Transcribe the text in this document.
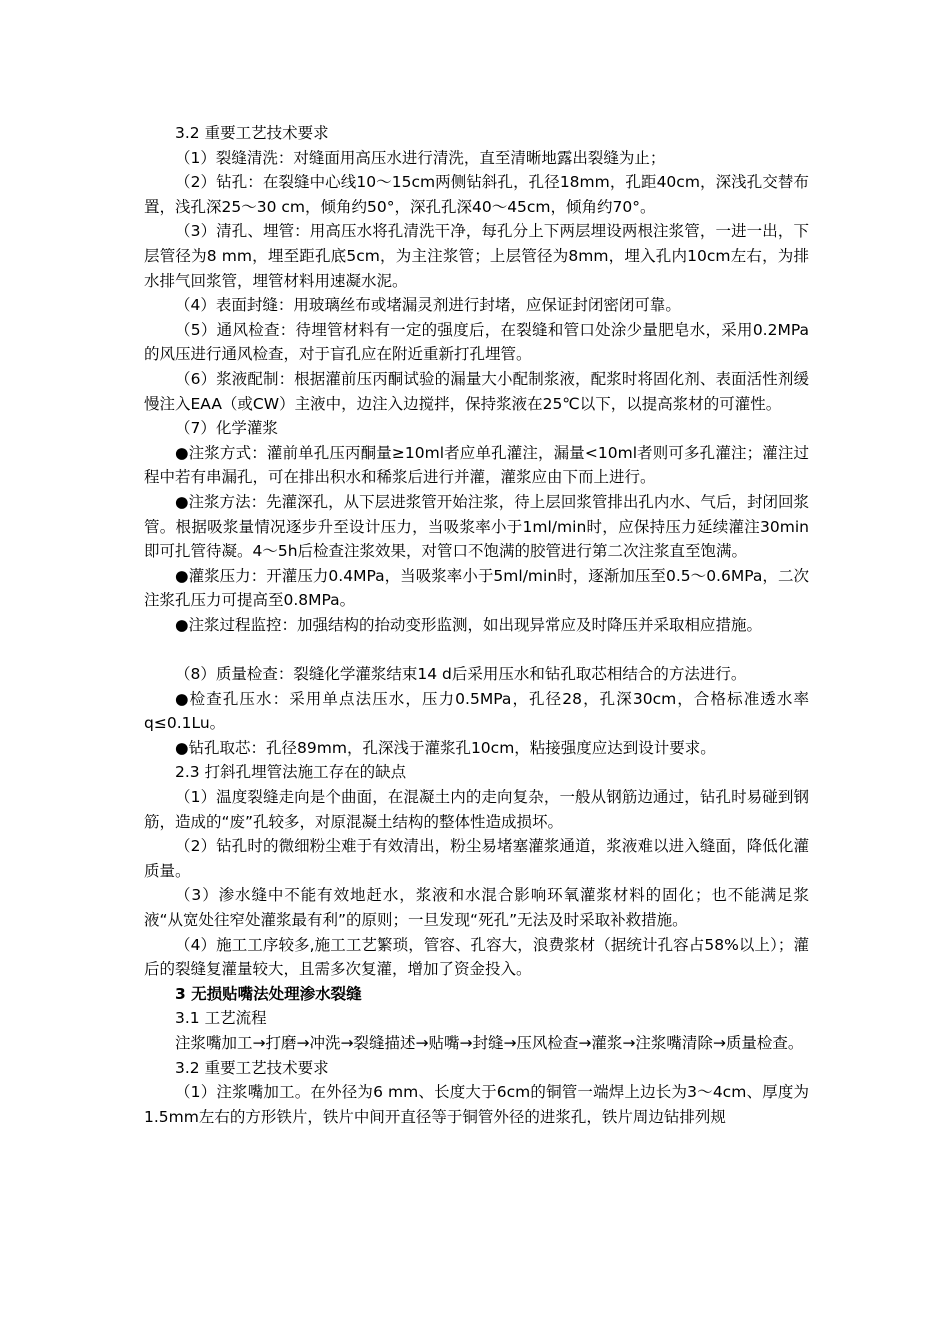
3.2 重要工艺技术要求

（1）裂缝清洗：对缝面用高压水进行清洗，直至清晰地露出裂缝为止；

（2）钻孔：在裂缝中心线10～15cm两侧钻斜孔，孔径18mm，孔距40cm，深浅孔交替布置，浅孔深25～30 cm，倾角约50°，深孔孔深40～45cm，倾角约70°。

（3）清孔、埋管：用高压水将孔清洗干净，每孔分上下两层埋设两根注浆管，一进一出，下层管径为8 mm，埋至距孔底5cm，为主注浆管；上层管径为8mm，埋入孔内10cm左右，为排水排气回浆管，埋管材料用速凝水泥。

（4）表面封缝：用玻璃丝布或堵漏灵剂进行封堵，应保证封闭密闭可靠。

（5）通风检查：待埋管材料有一定的强度后，在裂缝和管口处涂少量肥皂水，采用0.2MPa的风压进行通风检查，对于盲孔应在附近重新打孔埋管。

（6）浆液配制：根据灌前压丙酮试验的漏量大小配制浆液，配浆时将固化剂、表面活性剂缓慢注入EAA（或CW）主液中，边注入边搅拌，保持浆液在25℃以下，以提高浆材的可灌性。

（7）化学灌浆

●注浆方式：灌前单孔压丙酮量≥10ml者应单孔灌注，漏量<10ml者则可多孔灌注；灌注过程中若有串漏孔，可在排出积水和稀浆后进行并灌，灌浆应由下而上进行。

●注浆方法：先灌深孔，从下层进浆管开始注浆，待上层回浆管排出孔内水、气后，封闭回浆管。根据吸浆量情况逐步升至设计压力，当吸浆率小于1ml/min时，应保持压力延续灌注30min即可扎管待凝。4～5h后检查注浆效果，对管口不饱满的胶管进行第二次注浆直至饱满。

●灌浆压力：开灌压力0.4MPa，当吸浆率小于5ml/min时，逐渐加压至0.5～0.6MPa，二次注浆孔压力可提高至0.8MPa。

●注浆过程监控：加强结构的抬动变形监测，如出现异常应及时降压并采取相应措施。

（8）质量检查：裂缝化学灌浆结束14 d后采用压水和钻孔取芯相结合的方法进行。

●检查孔压水：采用单点法压水，压力0.5MPa，孔径28，孔深30cm，合格标准透水率q≤0.1Lu。

●钻孔取芯：孔径89mm，孔深浅于灌浆孔10cm，粘接强度应达到设计要求。

2.3 打斜孔埋管法施工存在的缺点

（1）温度裂缝走向是个曲面，在混凝土内的走向复杂，一般从钢筋边通过，钻孔时易碰到钢筋，造成的“废”孔较多，对原混凝土结构的整体性造成损坏。

（2）钻孔时的微细粉尘难于有效清出，粉尘易堵塞灌浆通道，浆液难以进入缝面，降低化灌质量。

（3）渗水缝中不能有效地赶水，浆液和水混合影响环氧灌浆材料的固化；也不能满足浆液“从宽处往窄处灌浆最有利”的原则；一旦发现“死孔”无法及时采取补救措施。

（4）施工工序较多,施工工艺繁琐，管容、孔容大，浪费浆材（据统计孔容占58%以上）；灌后的裂缝复灌量较大，且需多次复灌，增加了资金投入。

3 无损贴嘴法处理渗水裂缝

3.1 工艺流程

注浆嘴加工→打磨→冲洗→裂缝描述→贴嘴→封缝→压风检查→灌浆→注浆嘴清除→质量检查。

3.2 重要工艺技术要求

（1）注浆嘴加工。在外径为6 mm、长度大于6cm的铜管一端焊上边长为3～4cm、厚度为1.5mm左右的方形铁片，铁片中间开直径等于铜管外径的进浆孔，铁片周边钻排列规
